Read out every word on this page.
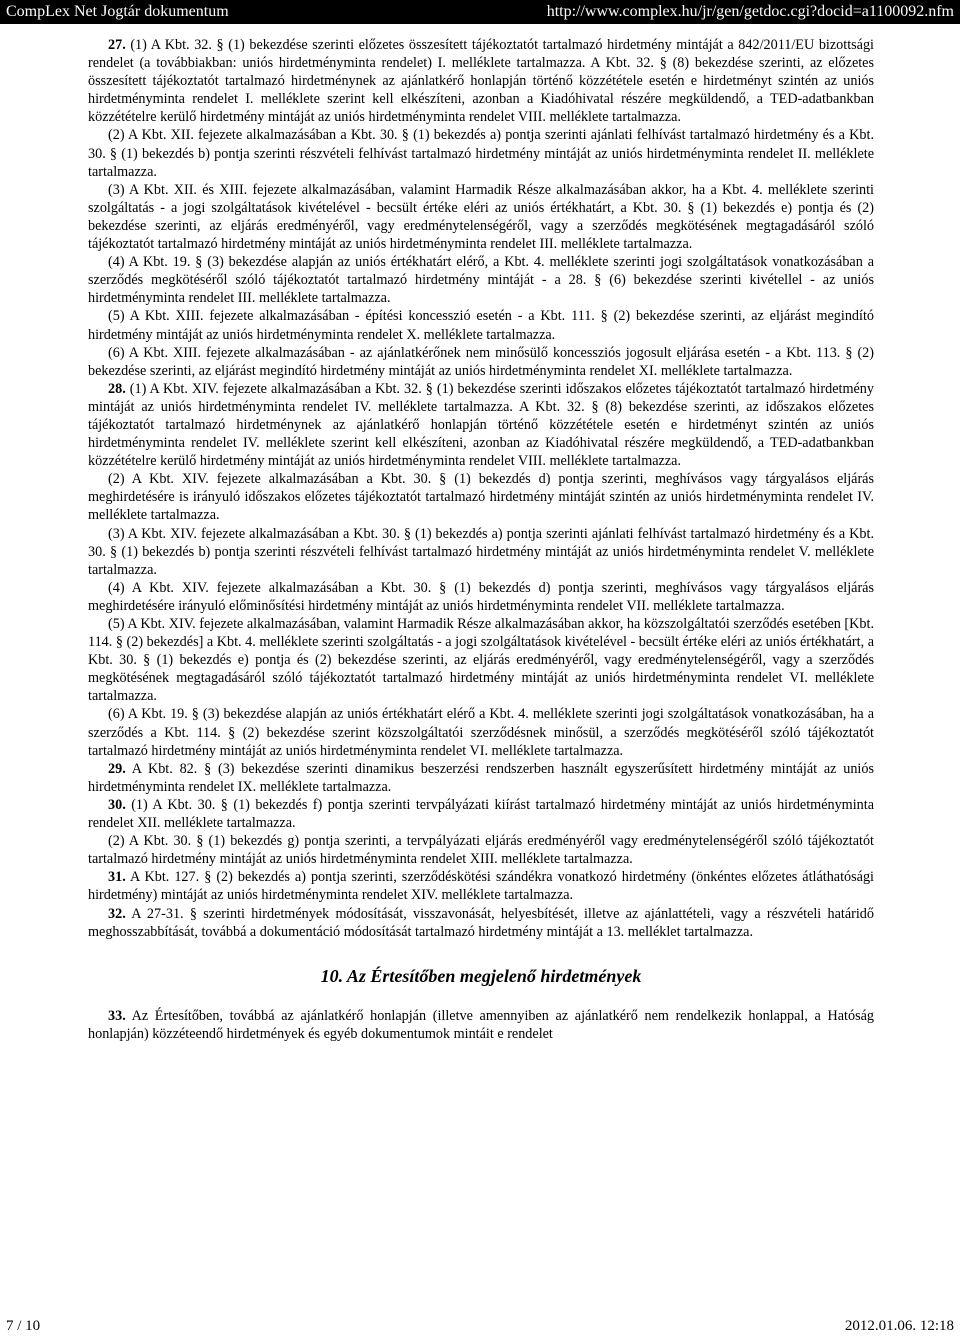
CompLex Net Jogtár dokumentum	http://www.complex.hu/jr/gen/getdoc.cgi?docid=a1100092.nfm

27. (1) A Kbt. 32. § (1) bekezdése szerinti előzetes összesített tájékoztatót tartalmazó hirdetmény mintáját a 842/2011/EU bizottsági rendelet (a továbbiakban: uniós hirdetményminta rendelet) I. melléklete tartalmazza. A Kbt. 32. § (8) bekezdése szerinti, az előzetes összesített tájékoztatót tartalmazó hirdetménynek az ajánlatkérő honlapján történő közzététele esetén e hirdetményt szintén az uniós hirdetményminta rendelet I. melléklete szerint kell elkészíteni, azonban a Kiadóhivatal részére megküldendő, a TED-adatbankban közzétételre kerülő hirdetmény mintáját az uniós hirdetményminta rendelet VIII. melléklete tartalmazza.

(2) A Kbt. XII. fejezete alkalmazásában a Kbt. 30. § (1) bekezdés a) pontja szerinti ajánlati felhívást tartalmazó hirdetmény és a Kbt. 30. § (1) bekezdés b) pontja szerinti részvételi felhívást tartalmazó hirdetmény mintáját az uniós hirdetményminta rendelet II. melléklete tartalmazza.

(3) A Kbt. XII. és XIII. fejezete alkalmazásában, valamint Harmadik Része alkalmazásában akkor, ha a Kbt. 4. melléklete szerinti szolgáltatás - a jogi szolgáltatások kivételével - becsült értéke eléri az uniós értékhatárt, a Kbt. 30. § (1) bekezdés e) pontja és (2) bekezdése szerinti, az eljárás eredményéről, vagy eredménytelenségéről, vagy a szerződés megkötésének megtagadásáról szóló tájékoztatót tartalmazó hirdetmény mintáját az uniós hirdetményminta rendelet III. melléklete tartalmazza.

(4) A Kbt. 19. § (3) bekezdése alapján az uniós értékhatárt elérő, a Kbt. 4. melléklete szerinti jogi szolgáltatások vonatkozásában a szerződés megkötéséről szóló tájékoztatót tartalmazó hirdetmény mintáját - a 28. § (6) bekezdése szerinti kivétellel - az uniós hirdetményminta rendelet III. melléklete tartalmazza.

(5) A Kbt. XIII. fejezete alkalmazásában - építési koncesszió esetén - a Kbt. 111. § (2) bekezdése szerinti, az eljárást megindító hirdetmény mintáját az uniós hirdetményminta rendelet X. melléklete tartalmazza.

(6) A Kbt. XIII. fejezete alkalmazásában - az ajánlatkérőnek nem minősülő koncessziós jogosult eljárása esetén - a Kbt. 113. § (2) bekezdése szerinti, az eljárást megindító hirdetmény mintáját az uniós hirdetményminta rendelet XI. melléklete tartalmazza.

28. (1) A Kbt. XIV. fejezete alkalmazásában a Kbt. 32. § (1) bekezdése szerinti időszakos előzetes tájékoztatót tartalmazó hirdetmény mintáját az uniós hirdetményminta rendelet IV. melléklete tartalmazza. A Kbt. 32. § (8) bekezdése szerinti, az időszakos előzetes tájékoztatót tartalmazó hirdetménynek az ajánlatkérő honlapján történő közzététele esetén e hirdetményt szintén az uniós hirdetményminta rendelet IV. melléklete szerint kell elkészíteni, azonban az Kiadóhivatal részére megküldendő, a TED-adatbankban közzétételre kerülő hirdetmény mintáját az uniós hirdetményminta rendelet VIII. melléklete tartalmazza.

(2) A Kbt. XIV. fejezete alkalmazásában a Kbt. 30. § (1) bekezdés d) pontja szerinti, meghívásos vagy tárgyalásos eljárás meghirdetésére is irányuló időszakos előzetes tájékoztatót tartalmazó hirdetmény mintáját szintén az uniós hirdetményminta rendelet IV. melléklete tartalmazza.

(3) A Kbt. XIV. fejezete alkalmazásában a Kbt. 30. § (1) bekezdés a) pontja szerinti ajánlati felhívást tartalmazó hirdetmény és a Kbt. 30. § (1) bekezdés b) pontja szerinti részvételi felhívást tartalmazó hirdetmény mintáját az uniós hirdetményminta rendelet V. melléklete tartalmazza.

(4) A Kbt. XIV. fejezete alkalmazásában a Kbt. 30. § (1) bekezdés d) pontja szerinti, meghívásos vagy tárgyalásos eljárás meghirdetésére irányuló előminősítési hirdetmény mintáját az uniós hirdetményminta rendelet VII. melléklete tartalmazza.

(5) A Kbt. XIV. fejezete alkalmazásában, valamint Harmadik Része alkalmazásában akkor, ha közszolgáltatói szerződés esetében [Kbt. 114. § (2) bekezdés] a Kbt. 4. melléklete szerinti szolgáltatás - a jogi szolgáltatások kivételével - becsült értéke eléri az uniós értékhatárt, a Kbt. 30. § (1) bekezdés e) pontja és (2) bekezdése szerinti, az eljárás eredményéről, vagy eredménytelenségéről, vagy a szerződés megkötésének megtagadásáról szóló tájékoztatót tartalmazó hirdetmény mintáját az uniós hirdetményminta rendelet VI. melléklete tartalmazza.

(6) A Kbt. 19. § (3) bekezdése alapján az uniós értékhatárt elérő a Kbt. 4. melléklete szerinti jogi szolgáltatások vonatkozásában, ha a szerződés a Kbt. 114. § (2) bekezdése szerint közszolgáltatói szerződésnek minősül, a szerződés megkötéséről szóló tájékoztatót tartalmazó hirdetmény mintáját az uniós hirdetményminta rendelet VI. melléklete tartalmazza.

29. A Kbt. 82. § (3) bekezdése szerinti dinamikus beszerzési rendszerben használt egyszerűsített hirdetmény mintáját az uniós hirdetményminta rendelet IX. melléklete tartalmazza.

30. (1) A Kbt. 30. § (1) bekezdés f) pontja szerinti tervpályázati kiírást tartalmazó hirdetmény mintáját az uniós hirdetményminta rendelet XII. melléklete tartalmazza.

(2) A Kbt. 30. § (1) bekezdés g) pontja szerinti, a tervpályázati eljárás eredményéről vagy eredménytelenségéről szóló tájékoztatót tartalmazó hirdetmény mintáját az uniós hirdetményminta rendelet XIII. melléklete tartalmazza.

31. A Kbt. 127. § (2) bekezdés a) pontja szerinti, szerződéskötési szándékra vonatkozó hirdetmény (önkéntes előzetes átláthatósági hirdetmény) mintáját az uniós hirdetményminta rendelet XIV. melléklete tartalmazza.

32. A 27-31. § szerinti hirdetmények módosítását, visszavonását, helyesbítését, illetve az ajánlattételi, vagy a részvételi határidő meghosszabbítását, továbbá a dokumentáció módosítását tartalmazó hirdetmény mintáját a 13. melléklet tartalmazza.

10. Az Értesítőben megjelenő hirdetmények

33. Az Értesítőben, továbbá az ajánlatkérő honlapján (illetve amennyiben az ajánlatkérő nem rendelkezik honlappal, a Hatóság honlapján) közzéteendő hirdetmények és egyéb dokumentumok mintáit e rendelet

7 / 10	2012.01.06. 12:18
